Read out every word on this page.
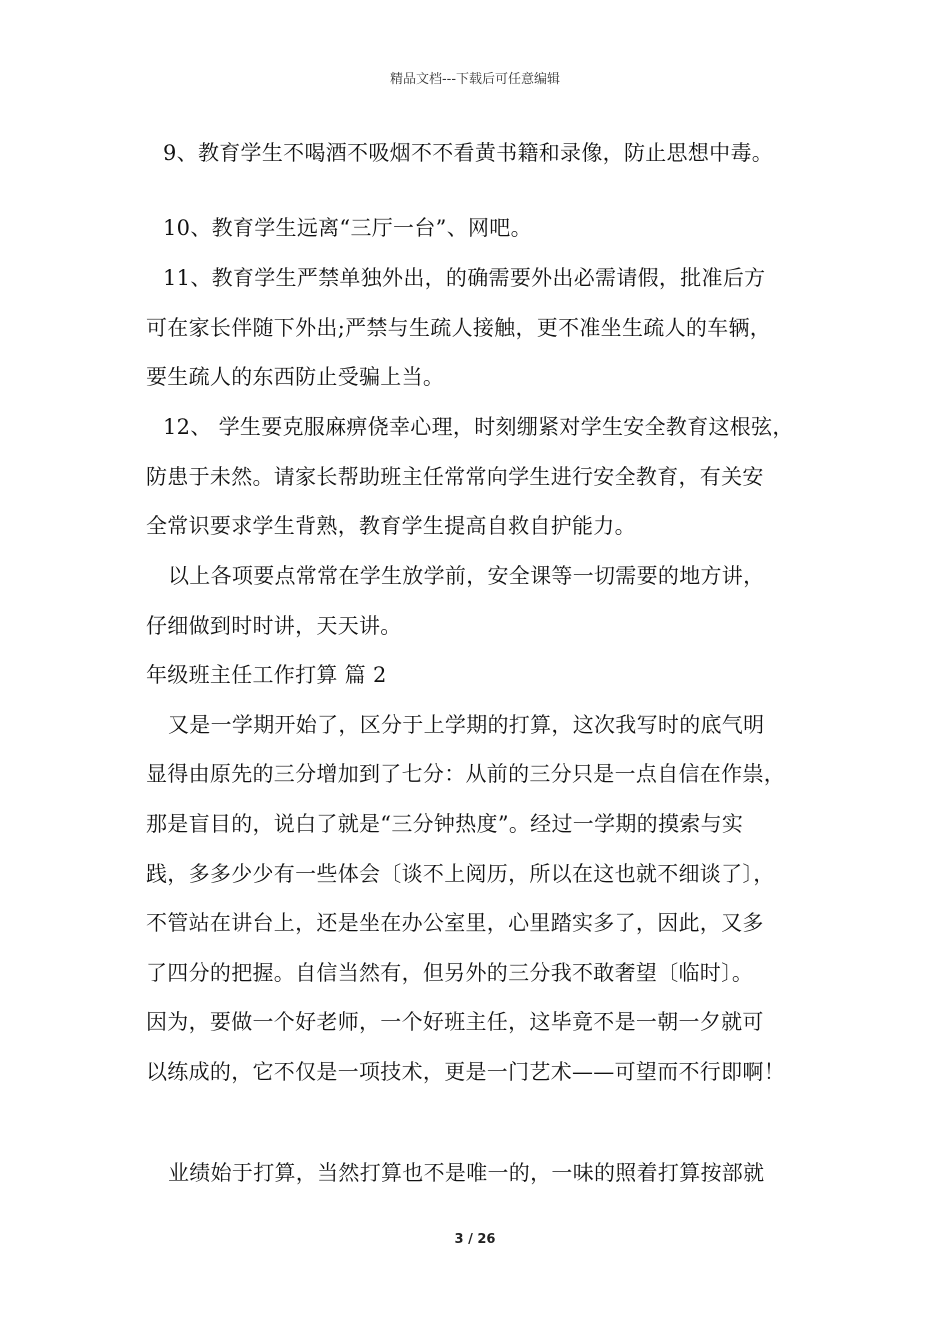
精品文档---下载后可任意编辑
9、教育学生不喝酒不吸烟不不看黄书籍和录像，防止思想中毒。
10、教育学生远离“三厅一台”、网吧。
11、教育学生严禁单独外出，的确需要外出必需请假，批准后方
可在家长伴随下外出;严禁与生疏人接触，更不准坐生疏人的车辆，
要生疏人的东西防止受骗上当。
12、 学生要克服麻痹侥幸心理，时刻绷紧对学生安全教育这根弦，
防患于未然。请家长帮助班主任常常向学生进行安全教育，有关安
全常识要求学生背熟，教育学生提高自救自护能力。
以上各项要点常常在学生放学前，安全课等一切需要的地方讲，
仔细做到时时讲，天天讲。
年级班主任工作打算 篇 2
又是一学期开始了，区分于上学期的打算，这次我写时的底气明
显得由原先的三分增加到了七分：从前的三分只是一点自信在作祟，
那是盲目的，说白了就是“三分钟热度”。经过一学期的摸索与实
践，多多少少有一些体会〔谈不上阅历，所以在这也就不细谈了〕，
不管站在讲台上，还是坐在办公室里，心里踏实多了，因此，又多
了四分的把握。自信当然有，但另外的三分我不敢奢望〔临时〕。
因为，要做一个好老师，一个好班主任，这毕竟不是一朝一夕就可
以练成的，它不仅是一项技术，更是一门艺术——可望而不行即啊！
业绩始于打算，当然打算也不是唯一的，一味的照着打算按部就
3 / 26
